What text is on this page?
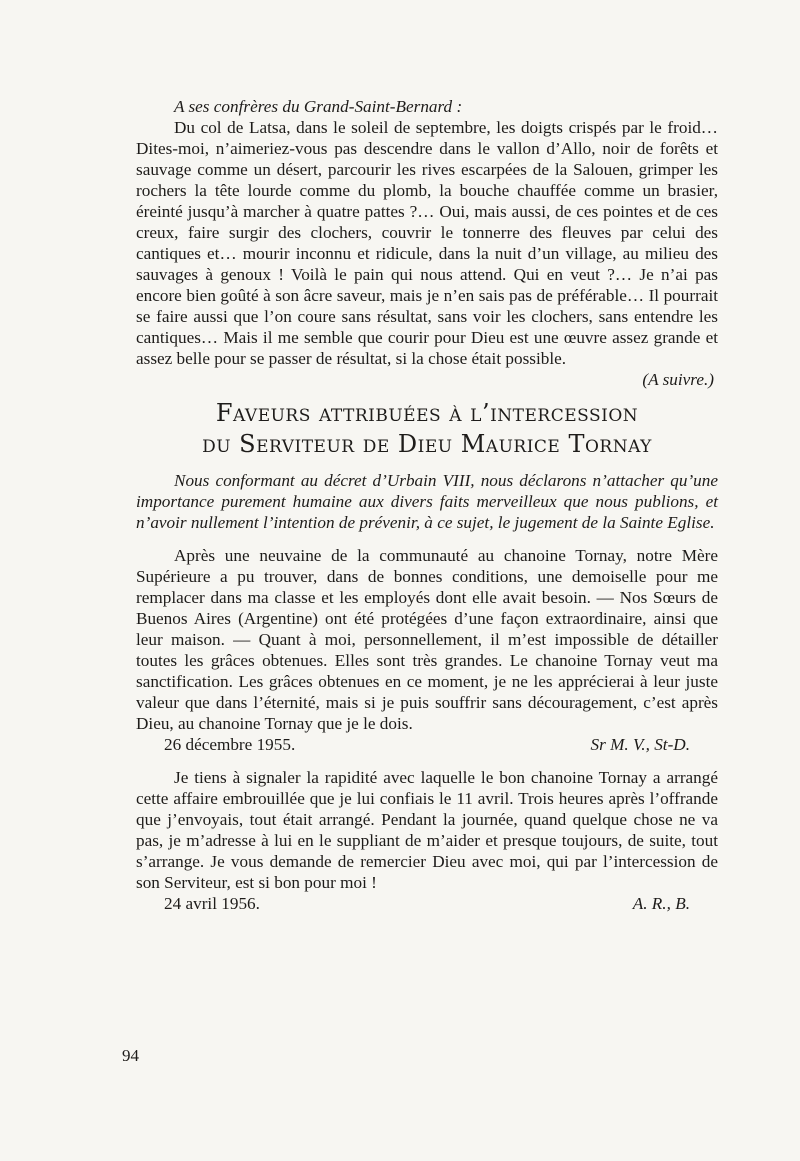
A ses confrères du Grand-Saint-Bernard :

Du col de Latsa, dans le soleil de septembre, les doigts crispés par le froid… Dites-moi, n’aimeriez-vous pas descendre dans le vallon d’Allo, noir de forêts et sauvage comme un désert, parcourir les rives escarpées de la Salouen, grimper les rochers la tête lourde comme du plomb, la bouche chauffée comme un brasier, éreinté jusqu’à marcher à quatre pattes ?… Oui, mais aussi, de ces pointes et de ces creux, faire surgir des clochers, couvrir le tonnerre des fleuves par celui des cantiques et… mourir inconnu et ridicule, dans la nuit d’un village, au milieu des sauvages à genoux ! Voilà le pain qui nous attend. Qui en veut ?… Je n’ai pas encore bien goûté à son âcre saveur, mais je n’en sais pas de préférable… Il pourrait se faire aussi que l’on coure sans résultat, sans voir les clochers, sans entendre les cantiques… Mais il me semble que courir pour Dieu est une œuvre assez grande et assez belle pour se passer de résultat, si la chose était possible.

(A suivre.)

Faveurs attribuées à l’intercession
du Serviteur de Dieu Maurice Tornay

Nous conformant au décret d’Urbain VIII, nous déclarons n’attacher qu’une importance purement humaine aux divers faits merveilleux que nous publions, et n’avoir nullement l’intention de prévenir, à ce sujet, le jugement de la Sainte Eglise.

Après une neuvaine de la communauté au chanoine Tornay, notre Mère Supérieure a pu trouver, dans de bonnes conditions, une demoiselle pour me remplacer dans ma classe et les employés dont elle avait besoin. — Nos Sœurs de Buenos Aires (Argentine) ont été protégées d’une façon extraordinaire, ainsi que leur maison. — Quant à moi, personnellement, il m’est impossible de détailler toutes les grâces obtenues. Elles sont très grandes. Le chanoine Tornay veut ma sanctification. Les grâces obtenues en ce moment, je ne les apprécierai à leur juste valeur que dans l’éternité, mais si je puis souffrir sans découragement, c’est après Dieu, au chanoine Tornay que je le dois.

26 décembre 1955.	Sr M. V., St-D.

Je tiens à signaler la rapidité avec laquelle le bon chanoine Tornay a arrangé cette affaire embrouillée que je lui confiais le 11 avril. Trois heures après l’offrande que j’envoyais, tout était arrangé. Pendant la journée, quand quelque chose ne va pas, je m’adresse à lui en le suppliant de m’aider et presque toujours, de suite, tout s’arrange. Je vous demande de remercier Dieu avec moi, qui par l’intercession de son Serviteur, est si bon pour moi !

24 avril 1956.	A. R., B.
94
